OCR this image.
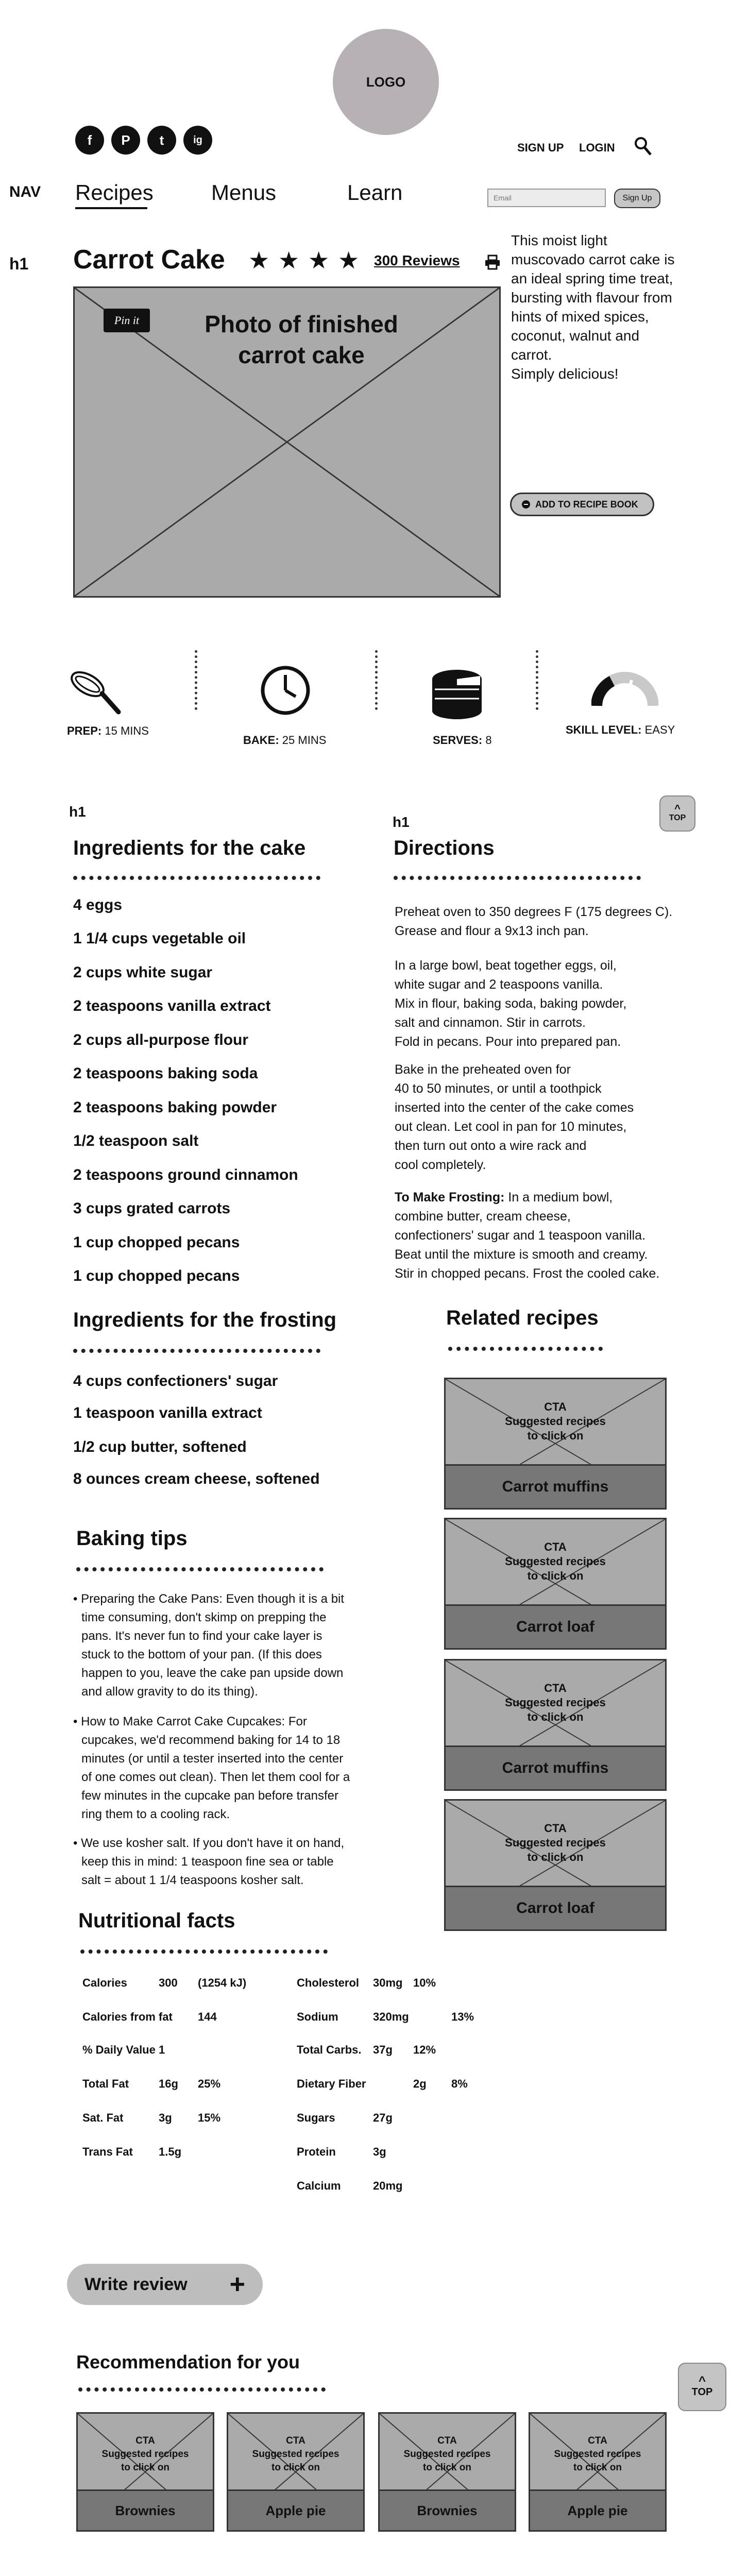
LOGO
f P t	ig
SIGN UP LOGIN
NAV Recipes	Menus	Learn
Email	Sign Up
h1 Carrot Cake ★ ★ ★ ★ 300 Reviews
Pin it	Photo of finished carrot cake
This moist light muscovado carrot cake is an ideal spring time treat, bursting with flavour from hints of mixed spices, coconut, walnut and carrot.
Simply delicious!
ADD TO RECIPE BOOK
PREP: 15 MINS
BAKE: 25 MINS	SERVES: 8
SKILL LEVEL: EASY
h1
Ingredients for the cake
4 eggs
1 1/4 cups vegetable oil
2 cups white sugar
2 teaspoons vanilla extract
2 cups all-purpose flour
2 teaspoons baking soda
2 teaspoons baking powder
1/2 teaspoon salt
2 teaspoons ground cinnamon
3 cups grated carrots
1 cup chopped pecans
1 cup chopped pecans
h1
Directions
^
TOP
Preheat oven to 350 degrees F (175 degrees C).
Grease and flour a 9x13 inch pan.
In a large bowl, beat together eggs, oil,
white sugar and 2 teaspoons vanilla.
Mix in flour, baking soda, baking powder,
salt and cinnamon. Stir in carrots.
Fold in pecans. Pour into prepared pan.
Bake in the preheated oven for
40 to 50 minutes, or until a toothpick
inserted into the center of the cake comes
out clean. Let cool in pan for 10 minutes,
then turn out onto a wire rack and
cool completely.
To Make Frosting: In a medium bowl,
combine butter, cream cheese,
confectioners' sugar and 1 teaspoon vanilla.
Beat until the mixture is smooth and creamy.
Stir in chopped pecans. Frost the cooled cake.
Ingredients for the frosting
4 cups confectioners' sugar
1 teaspoon vanilla extract
1/2 cup butter, softened
8 ounces cream cheese, softened
Related recipes
CTA
Suggested recipes
to click on
Carrot muffins
CTA
Suggested recipes
to click on
Carrot loaf
CTA
Suggested recipes
to click on
Carrot muffins
CTA
Suggested recipes
to click on
Carrot loaf
Baking tips
• Preparing the Cake Pans: Even though it is a bit
time consuming, don't skimp on prepping the
pans. It's never fun to find your cake layer is
stuck to the bottom of your pan. (If this does
happen to you, leave the cake pan upside down
and allow gravity to do its thing).
• How to Make Carrot Cake Cupcakes: For
cupcakes, we'd recommend baking for 14 to 18
minutes (or until a tester inserted into the center
of one comes out clean). Then let them cool for a
few minutes in the cupcake pan before transfer
ring them to a cooling rack.
• We use kosher salt. If you don't have it on hand,
keep this in mind: 1 teaspoon fine sea or table
salt = about 1 1/4 teaspoons kosher salt.
Nutritional facts
Calories	300 (1254 kJ)
Calories from fat 144
% Daily Value 1
Total Fat	16g 25%
Sat. Fat	3g 15%
Trans Fat 1.5g
Cholesterol 30mg 10%
Sodium	320mg	13%
Total Carbs. 37g 12%
Dietary Fiber	2g 8%
Sugars	27g
Protein	3g
Calcium	20mg
Write review +
Recommendation for you
^
TOP
CTA
Suggested recipes
to click on
Brownies
CTA
Suggested recipes
to click on
Apple pie
CTA
Suggested recipes
to click on
Brownies
CTA
Suggested recipes
to click on
Apple pie
